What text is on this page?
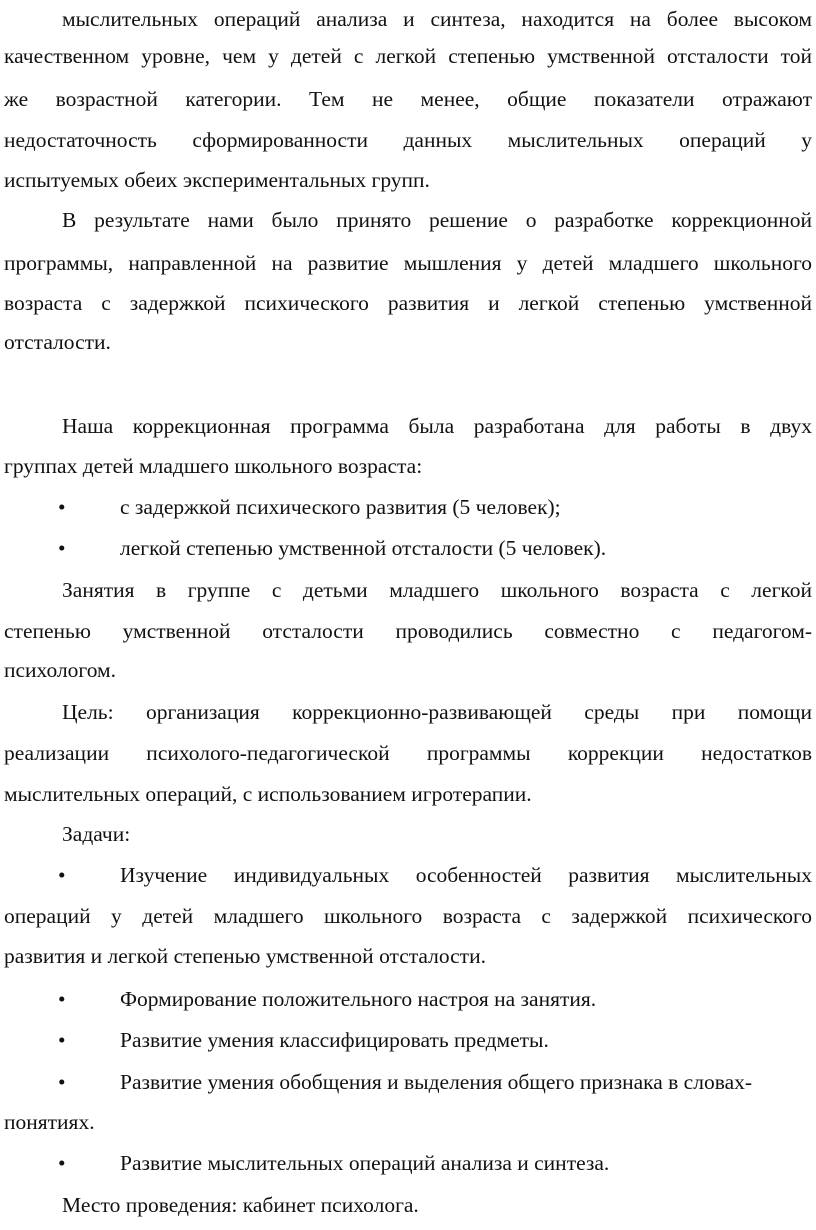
мыслительных операций анализа и синтеза, находится на более высоком
качественном уровне, чем у детей с легкой степенью умственной отсталости той
же возрастной категории. Тем не менее, общие показатели отражают
недостаточность сформированности данных мыслительных операций у
испытуемых обеих экспериментальных групп.
В результате нами было принято решение о разработке коррекционной
программы, направленной на развитие мышления у детей младшего школьного
возраста с задержкой психического развития и легкой степенью умственной
отсталости.
Наша коррекционная программа была разработана для работы в двух
группах детей младшего школьного возраста:
•	с задержкой психического развития (5 человек);
•	легкой степенью умственной отсталости (5 человек).
Занятия в группе с детьми младшего школьного возраста с легкой
степенью умственной отсталости проводились совместно с педагогом-
психологом.
Цель: организация коррекционно-развивающей среды при помощи
реализации психолого-педагогической программы коррекции недостатков
мыслительных операций, с использованием игротерапии.
Задачи:
•	Изучение индивидуальных особенностей развития мыслительных
операций у детей младшего школьного возраста с задержкой психического
развития и легкой степенью умственной отсталости.
•	Формирование положительного настроя на занятия.
•	Развитие умения классифицировать предметы.
•	Развитие умения обобщения и выделения общего признака в словах-
понятиях.
•	Развитие мыслительных операций анализа и синтеза.
Место проведения: кабинет психолога.
